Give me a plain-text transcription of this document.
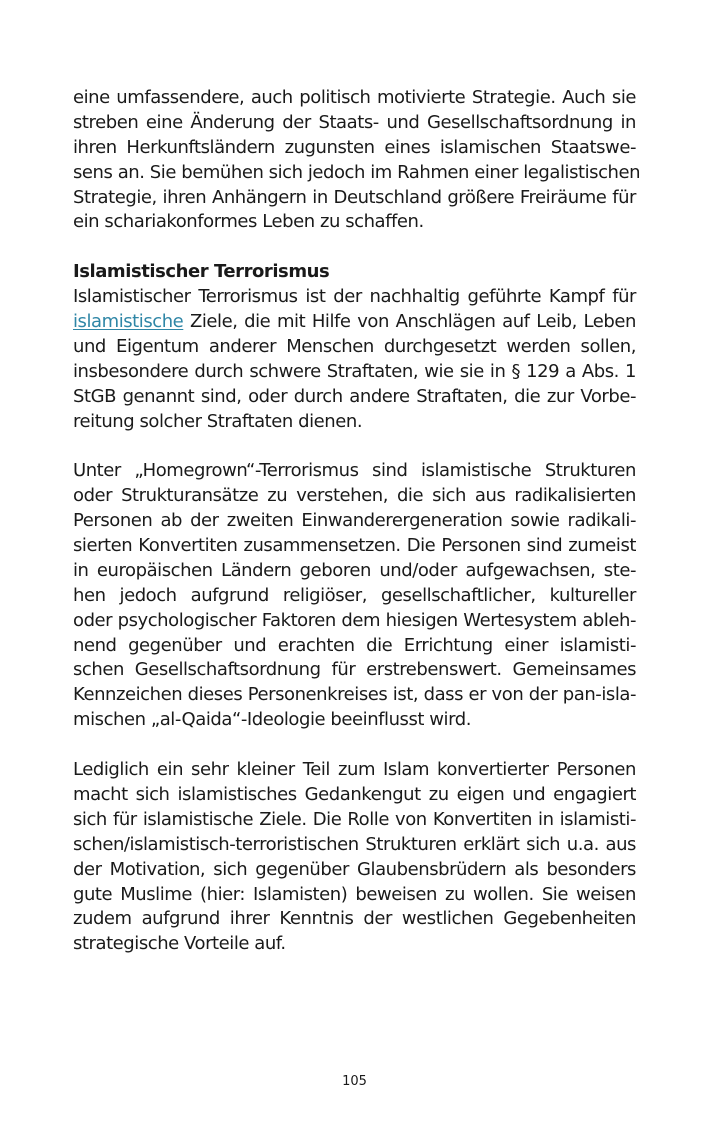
eine umfassendere, auch politisch motivierte Strategie. Auch sie
streben eine Änderung der Staats- und Gesellschaftsordnung in
ihren Herkunftsländern zugunsten eines islamischen Staatswe-
sens an. Sie bemühen sich jedoch im Rahmen einer legalistischen
Strategie, ihren Anhängern in Deutschland größere Freiräume für
ein schariakonformes Leben zu schaffen.
Islamistischer Terrorismus
Islamistischer Terrorismus ist der nachhaltig geführte Kampf für
islamistische Ziele, die mit Hilfe von Anschlägen auf Leib, Leben
und Eigentum anderer Menschen durchgesetzt werden sollen,
insbesondere durch schwere Straftaten, wie sie in § 129 a Abs. 1
StGB genannt sind, oder durch andere Straftaten, die zur Vorbe-
reitung solcher Straftaten dienen.
Unter „Homegrown“-Terrorismus sind islamistische Strukturen
oder Strukturansätze zu verstehen, die sich aus radikalisierten
Personen ab der zweiten Einwanderergeneration sowie radikali-
sierten Konvertiten zusammensetzen. Die Personen sind zumeist
in europäischen Ländern geboren und/oder aufgewachsen, ste-
hen jedoch aufgrund religiöser, gesellschaftlicher, kultureller
oder psychologischer Faktoren dem hiesigen Wertesystem ableh-
nend gegenüber und erachten die Errichtung einer islamisti-
schen Gesellschaftsordnung für erstrebenswert. Gemeinsames
Kennzeichen dieses Personenkreises ist, dass er von der pan-isla-
mischen „al-Qaida“-Ideologie beeinflusst wird.
Lediglich ein sehr kleiner Teil zum Islam konvertierter Personen
macht sich islamistisches Gedankengut zu eigen und engagiert
sich für islamistische Ziele. Die Rolle von Konvertiten in islamisti-
schen/islamistisch-terroristischen Strukturen erklärt sich u.a. aus
der Motivation, sich gegenüber Glaubensbrüdern als besonders
gute Muslime (hier: Islamisten) beweisen zu wollen. Sie weisen
zudem aufgrund ihrer Kenntnis der westlichen Gegebenheiten
strategische Vorteile auf.
105
